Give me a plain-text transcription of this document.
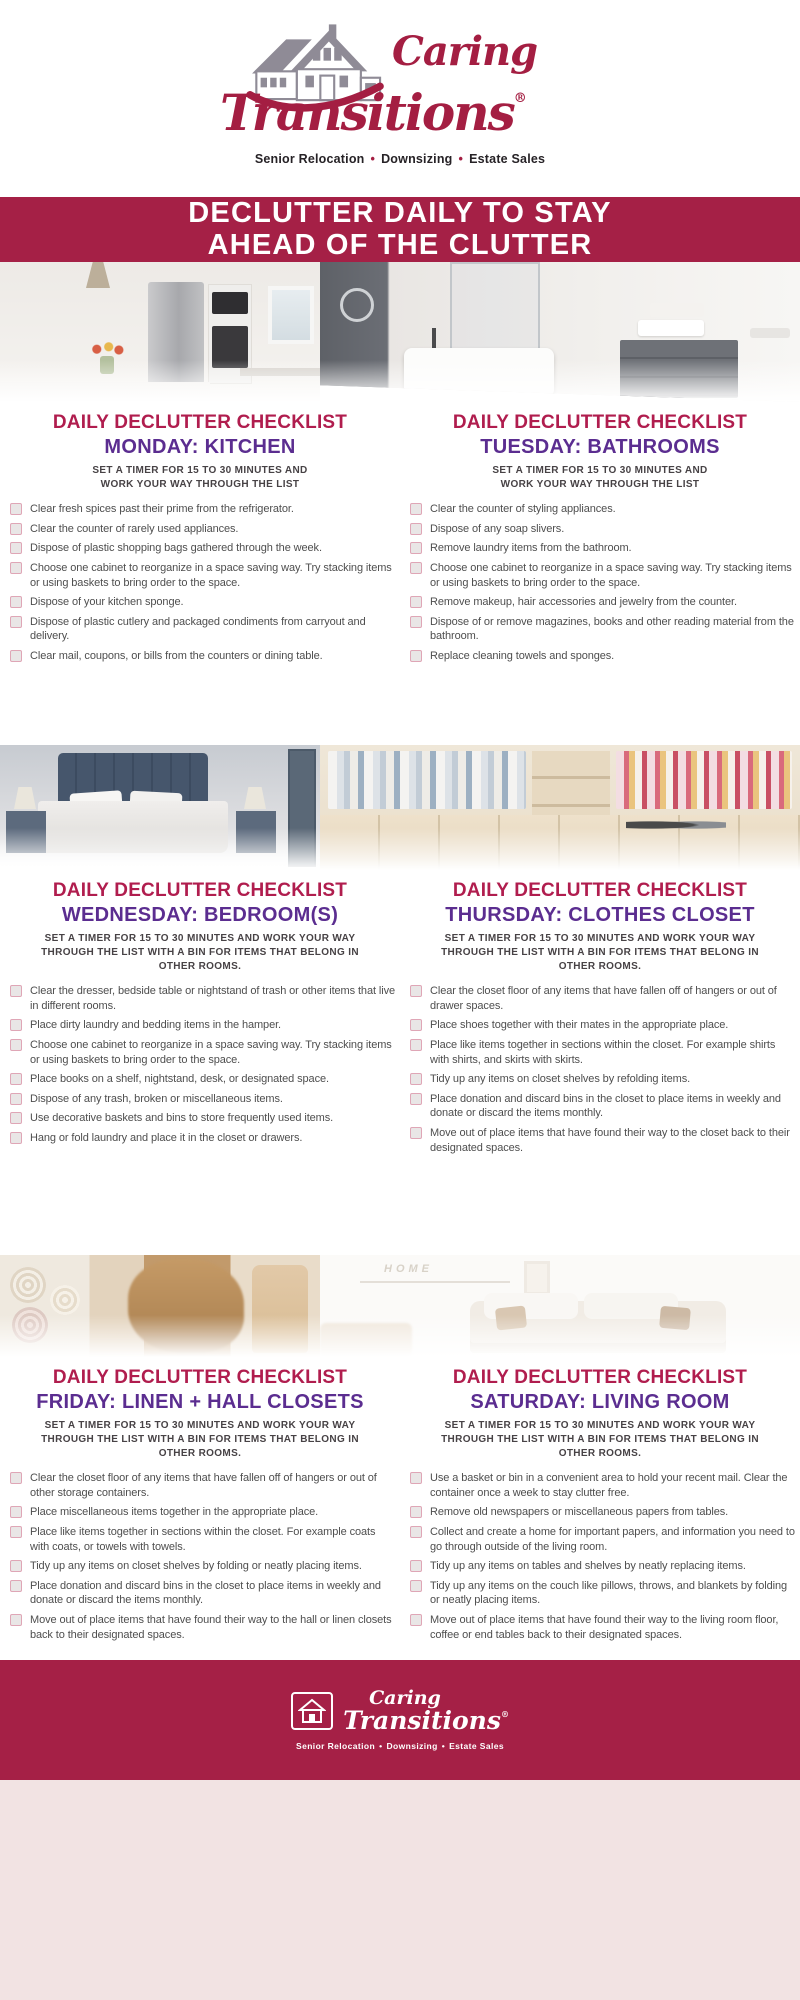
Caring
Transitions®
Senior Relocation • Downsizing • Estate Sales
DECLUTTER DAILY TO STAY
AHEAD OF THE CLUTTER
DAILY DECLUTTER CHECKLIST
MONDAY: KITCHEN

SET A TIMER FOR 15 TO 30 MINUTES AND WORK YOUR WAY THROUGH THE LIST

Clear fresh spices past their prime from the refrigerator.
Clear the counter of rarely used appliances.
Dispose of plastic shopping bags gathered through the week.
Choose one cabinet to reorganize in a space saving way. Try stacking items or using baskets to bring order to the space.
Dispose of your kitchen sponge.
Dispose of plastic cutlery and packaged condiments from carryout and delivery.
Clear mail, coupons, or bills from the counters or dining table.
DAILY DECLUTTER CHECKLIST
TUESDAY: BATHROOMS

SET A TIMER FOR 15 TO 30 MINUTES AND WORK YOUR WAY THROUGH THE LIST

Clear the counter of styling appliances.
Dispose of any soap slivers.
Remove laundry items from the bathroom.
Choose one cabinet to reorganize in a space saving way. Try stacking items or using baskets to bring order to the space.
Remove makeup, hair accessories and jewelry from the counter.
Dispose of or remove magazines, books and other reading material from the bathroom.
Replace cleaning towels and sponges.
DAILY DECLUTTER CHECKLIST
WEDNESDAY: BEDROOM(S)

SET A TIMER FOR 15 TO 30 MINUTES AND WORK YOUR WAY THROUGH THE LIST WITH A BIN FOR ITEMS THAT BELONG IN OTHER ROOMS.

Clear the dresser, bedside table or nightstand of trash or other items that live in different rooms.
Place dirty laundry and bedding items in the hamper.
Choose one cabinet to reorganize in a space saving way. Try stacking items or using baskets to bring order to the space.
Place books on a shelf, nightstand, desk, or designated space.
Dispose of any trash, broken or miscellaneous items.
Use decorative baskets and bins to store frequently used items.
Hang or fold laundry and place it in the closet or drawers.
DAILY DECLUTTER CHECKLIST
THURSDAY: CLOTHES CLOSET

SET A TIMER FOR 15 TO 30 MINUTES AND WORK YOUR WAY THROUGH THE LIST WITH A BIN FOR ITEMS THAT BELONG IN OTHER ROOMS.

Clear the closet floor of any items that have fallen off of hangers or out of drawer spaces.
Place shoes together with their mates in the appropriate place.
Place like items together in sections within the closet. For example shirts with shirts, and skirts with skirts.
Tidy up any items on closet shelves by refolding items.
Place donation and discard bins in the closet to place items in weekly and donate or discard the items monthly.
Move out of place items that have found their way to the closet back to their designated spaces.
HOME
DAILY DECLUTTER CHECKLIST
FRIDAY: LINEN + HALL CLOSETS

SET A TIMER FOR 15 TO 30 MINUTES AND WORK YOUR WAY THROUGH THE LIST WITH A BIN FOR ITEMS THAT BELONG IN OTHER ROOMS.

Clear the closet floor of any items that have fallen off of hangers or out of other storage containers.
Place miscellaneous items together in the appropriate place.
Place like items together in sections within the closet. For example coats with coats, or towels with towels.
Tidy up any items on closet shelves by folding or neatly placing items.
Place donation and discard bins in the closet to place items in weekly and donate or discard the items monthly.
Move out of place items that have found their way to the hall or linen closets back to their designated spaces.
DAILY DECLUTTER CHECKLIST
SATURDAY: LIVING ROOM

SET A TIMER FOR 15 TO 30 MINUTES AND WORK YOUR WAY THROUGH THE LIST WITH A BIN FOR ITEMS THAT BELONG IN OTHER ROOMS.

Use a basket or bin in a convenient area to hold your recent mail. Clear the container once a week to stay clutter free.
Remove old newspapers or miscellaneous papers from tables.
Collect and create a home for important papers, and information you need to go through outside of the living room.
Tidy up any items on tables and shelves by neatly replacing items.
Tidy up any items on the couch like pillows, throws, and blankets by folding or neatly placing items.
Move out of place items that have found their way to the living room floor, coffee or end tables back to their designated spaces.
Caring
Transitions®
Senior Relocation • Downsizing • Estate Sales
